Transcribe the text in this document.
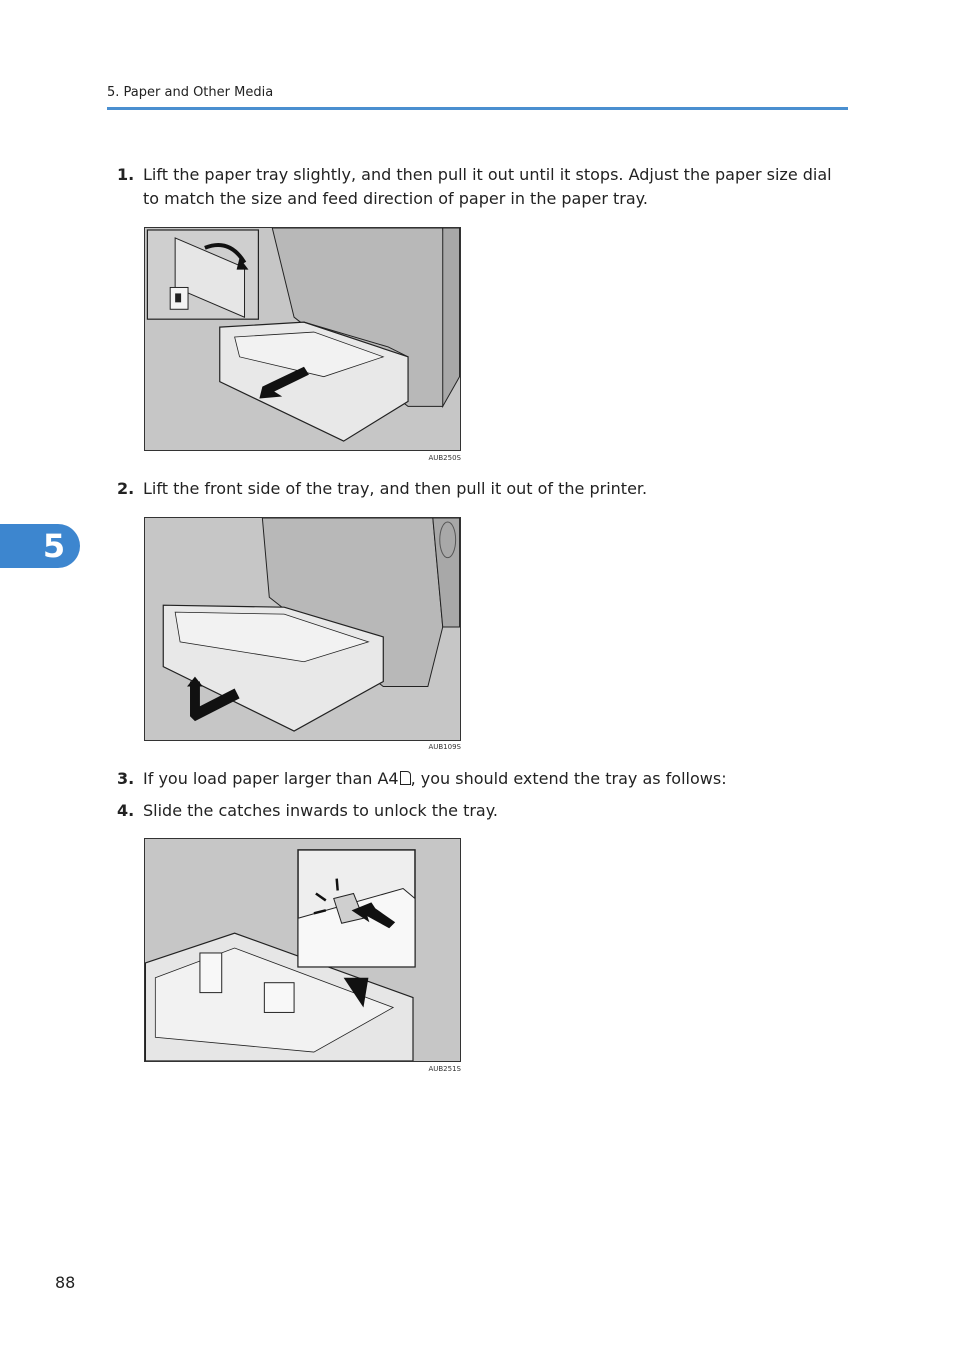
5. Paper and Other Media
5
1. Lift the paper tray slightly, and then pull it out until it stops. Adjust the paper size dial to match the size and feed direction of paper in the paper tray.
AUB250S
2. Lift the front side of the tray, and then pull it out of the printer.
AUB109S
3. If you load paper larger than A4 , you should extend the tray as follows:
4. Slide the catches inwards to unlock the tray.
AUB251S
88
